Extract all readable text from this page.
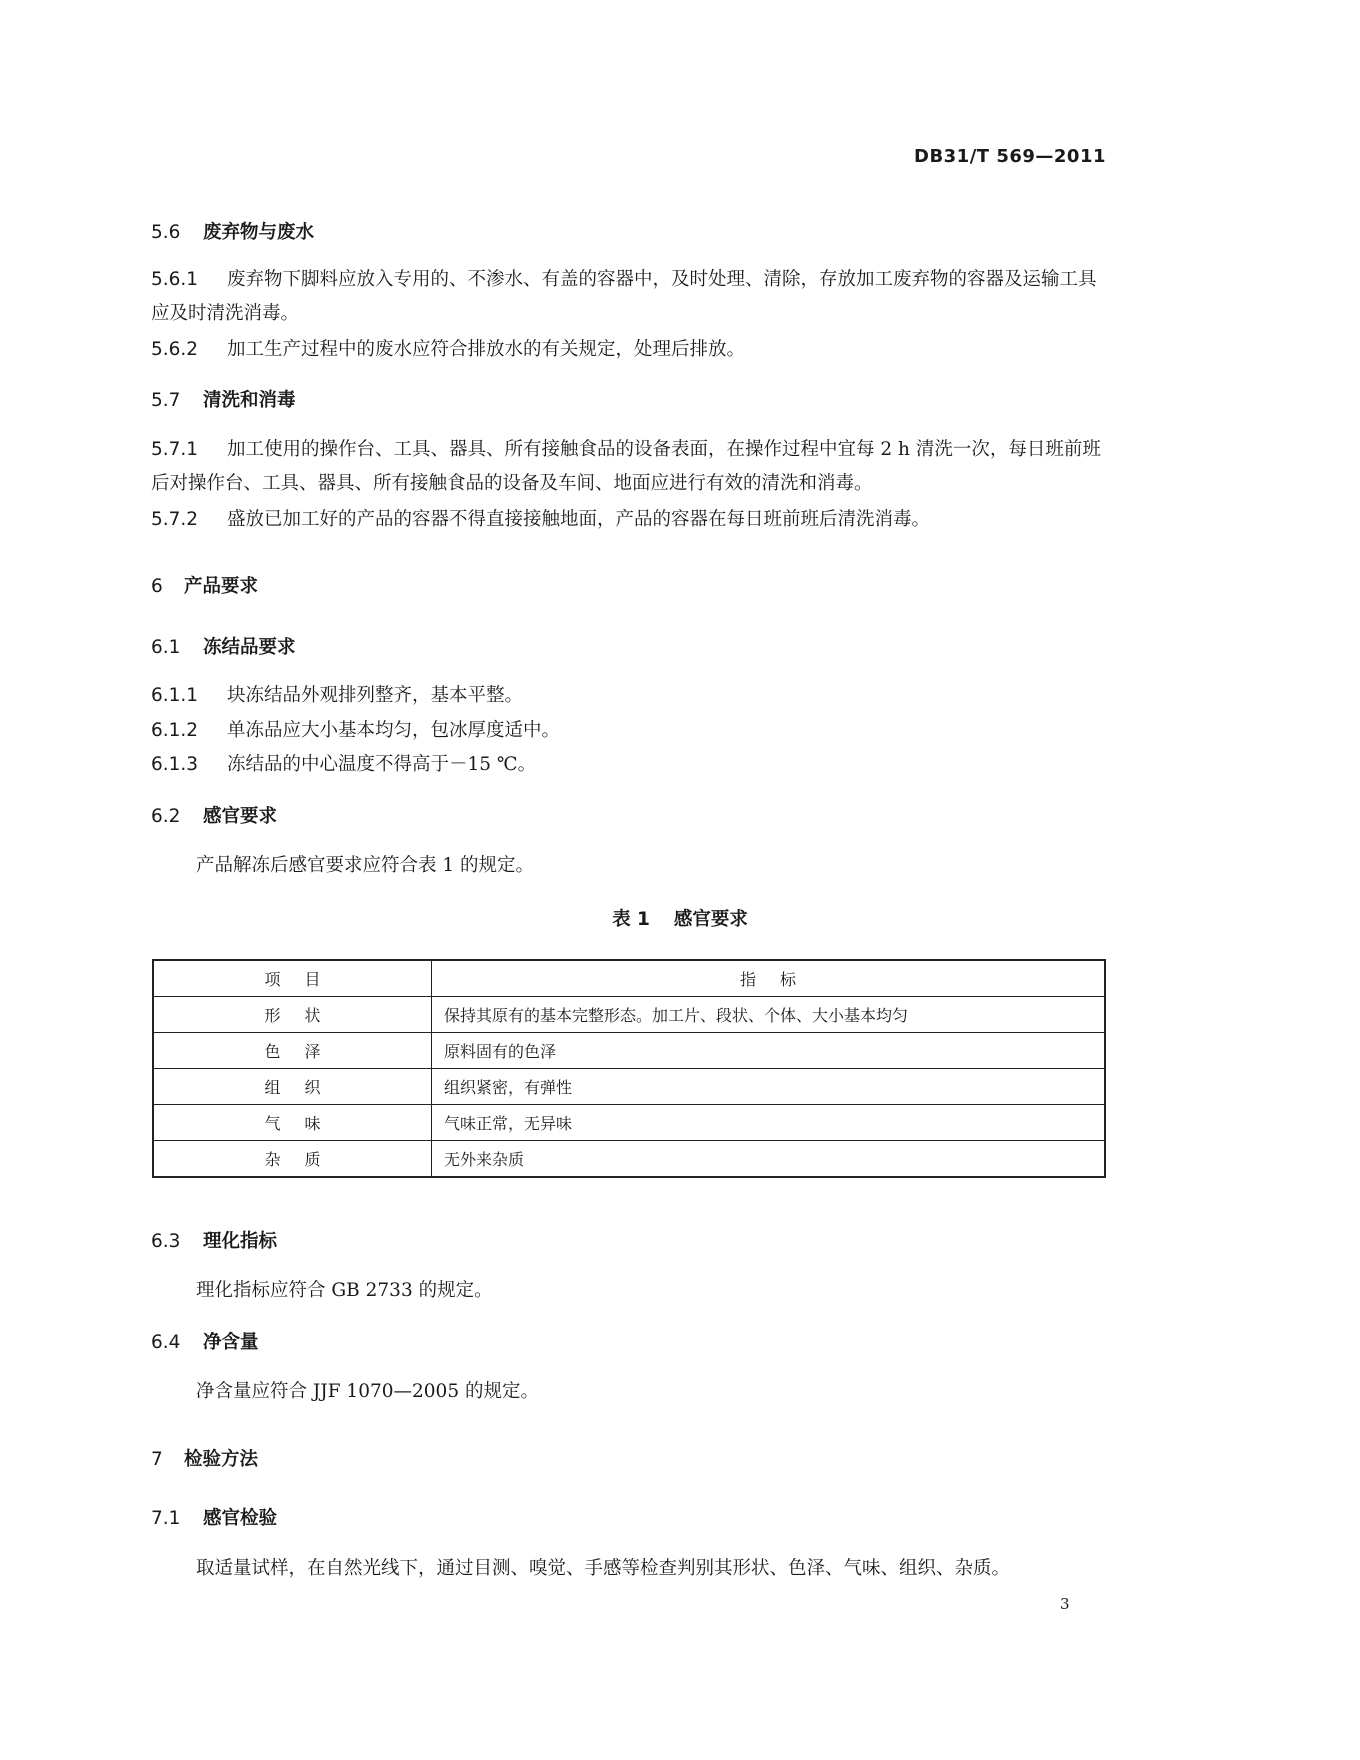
DB31/T 569—2011
5.6 废弃物与废水
5.6.1 废弃物下脚料应放入专用的、不渗水、有盖的容器中，及时处理、清除，存放加工废弃物的容器及运输工具应及时清洗消毒。
5.6.2 加工生产过程中的废水应符合排放水的有关规定，处理后排放。
5.7 清洗和消毒
5.7.1 加工使用的操作台、工具、器具、所有接触食品的设备表面，在操作过程中宜每 2 h 清洗一次，每日班前班后对操作台、工具、器具、所有接触食品的设备及车间、地面应进行有效的清洗和消毒。
5.7.2 盛放已加工好的产品的容器不得直接接触地面，产品的容器在每日班前班后清洗消毒。
6 产品要求
6.1 冻结品要求
6.1.1 块冻结品外观排列整齐，基本平整。
6.1.2 单冻品应大小基本均匀，包冰厚度适中。
6.1.3 冻结品的中心温度不得高于－15 ℃。
6.2 感官要求
产品解冻后感官要求应符合表 1 的规定。
表 1 感官要求
项目	指标
形状	保持其原有的基本完整形态。加工片、段状、个体、大小基本均匀
色泽	原料固有的色泽
组织	组织紧密，有弹性
气味	气味正常，无异味
杂质	无外来杂质
6.3 理化指标
理化指标应符合 GB 2733 的规定。
6.4 净含量
净含量应符合 JJF 1070—2005 的规定。
7 检验方法
7.1 感官检验
取适量试样，在自然光线下，通过目测、嗅觉、手感等检查判别其形状、色泽、气味、组织、杂质。
3
